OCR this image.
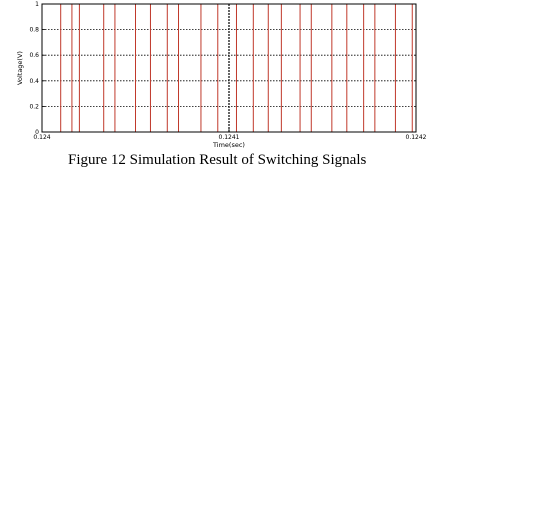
0
0.2
0.4
0.6
0.8
1
0.124	0.1241	0.1242
Time(sec)
Voltage(V)
Figure 12 Simulation Result of Switching Signals
